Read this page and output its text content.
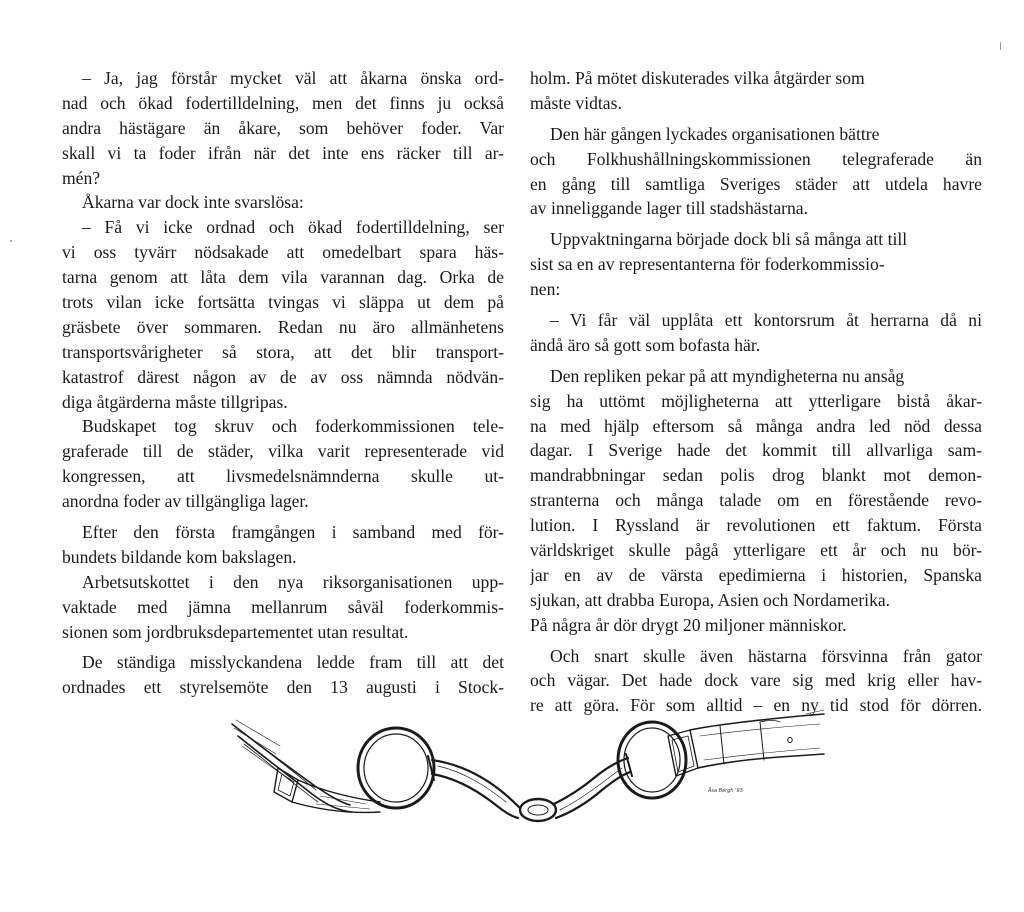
– Ja, jag förstår mycket väl att åkarna önska ord-
nad och ökad fodertilldelning, men det finns ju också
andra hästägare än åkare, som behöver foder. Var
skall vi ta foder ifrån när det inte ens räcker till ar-
mén?
Åkarna var dock inte svarslösa:
– Få vi icke ordnad och ökad fodertilldelning, ser
vi oss tyvärr nödsakade att omedelbart spara häs-
tarna genom att låta dem vila varannan dag. Orka de
trots vilan icke fortsätta tvingas vi släppa ut dem på
gräsbete över sommaren. Redan nu äro allmänhetens
transportsvårigheter så stora, att det blir transport-
katastrof därest någon av de av oss nämnda nödvän-
diga åtgärderna måste tillgripas.
Budskapet tog skruv och foderkommissionen tele-
graferade till de städer, vilka varit representerade vid
kongressen, att livsmedelsnämnderna skulle ut-
anordna foder av tillgängliga lager.
Efter den första framgången i samband med för-
bundets bildande kom bakslagen.
Arbetsutskottet i den nya riksorganisationen upp-
vaktade med jämna mellanrum såväl foderkommis-
sionen som jordbruksdepartementet utan resultat.
De ständiga misslyckandena ledde fram till att det
ordnades ett styrelsemöte den 13 augusti i Stock-
holm. På mötet diskuterades vilka åtgärder som
måste vidtas.
Den här gången lyckades organisationen bättre
och Folkhushållningskommissionen telegraferade än
en gång till samtliga Sveriges städer att utdela havre
av inneliggande lager till stadshästarna.
Uppvaktningarna började dock bli så många att till
sist sa en av representanterna för foderkommissio-
nen:
– Vi får väl upplåta ett kontorsrum åt herrarna då ni
ändå äro så gott som bofasta här.
Den repliken pekar på att myndigheterna nu ansåg
sig ha uttömt möjligheterna att ytterligare bistå åkar-
na med hjälp eftersom så många andra led nöd dessa
dagar. I Sverige hade det kommit till allvarliga sam-
mandrabbningar sedan polis drog blankt mot demon-
stranterna och många talade om en förestående revo-
lution. I Ryssland är revolutionen ett faktum. Första
världskriget skulle pågå ytterligare ett år och nu bör-
jar en av de värsta epedimierna i historien, Spanska
sjukan, att drabba Europa, Asien och Nordamerika.
På några år dör drygt 20 miljoner människor.
Och snart skulle även hästarna försvinna från gator
och vägar. Det hade dock vare sig med krig eller hav-
re att göra. För som alltid – en ny tid stod för dörren.
Åsa Bergh '93
